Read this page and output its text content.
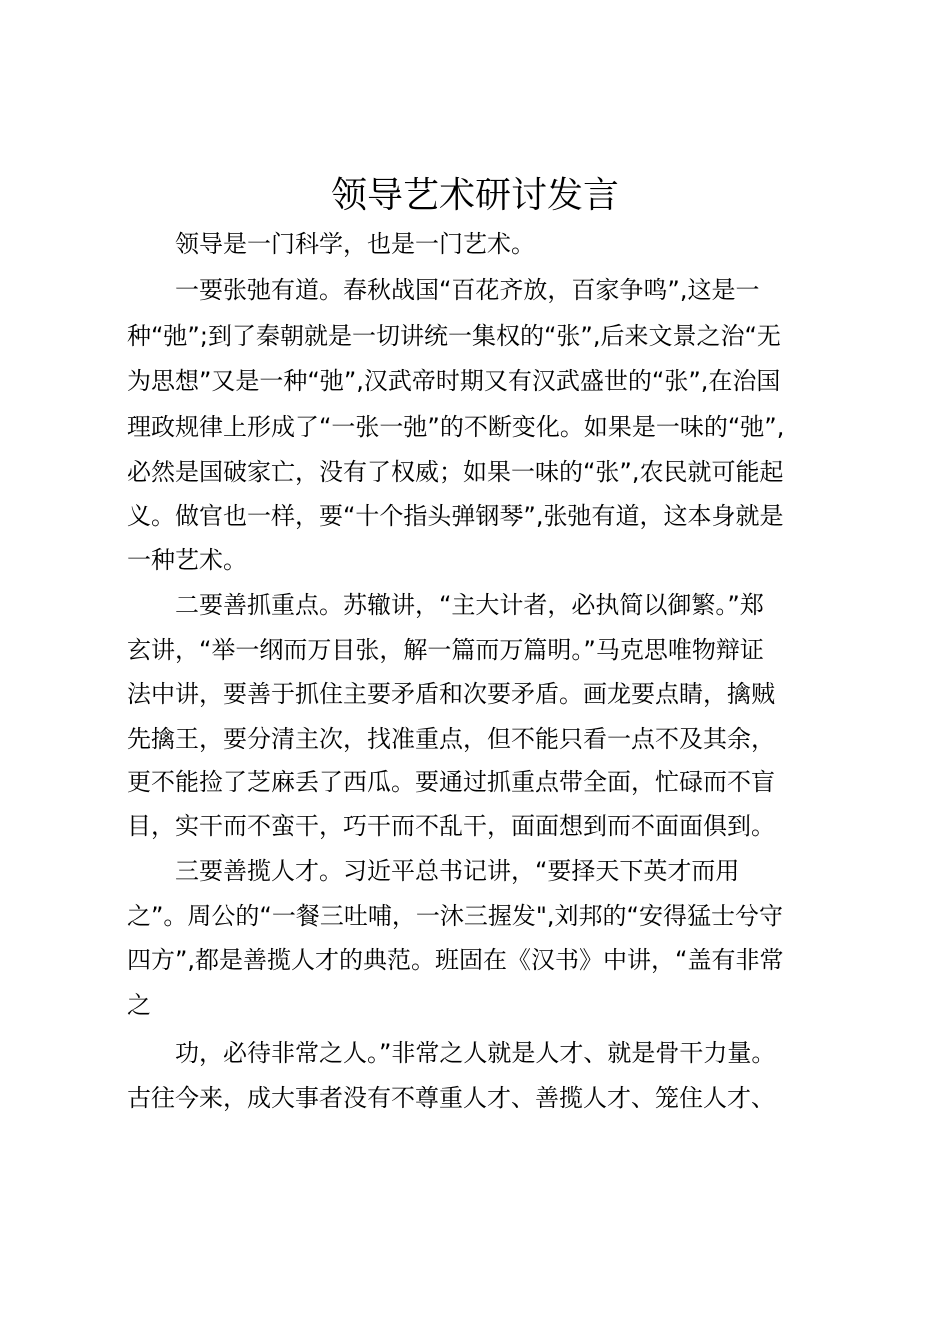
领导艺术研讨发言
　　领导是一门科学，也是一门艺术。
　　一要张弛有道。春秋战国“百花齐放，百家争鸣”,这是一
种“弛”;到了秦朝就是一切讲统一集权的“张”,后来文景之治“无
为思想”又是一种“弛”,汉武帝时期又有汉武盛世的“张”,在治国
理政规律上形成了“一张一弛”的不断变化。如果是一味的“弛”,
必然是国破家亡，没有了权威；如果一味的“张”,农民就可能起
义。做官也一样，要“十个指头弹钢琴”,张弛有道，这本身就是
一种艺术。
　　二要善抓重点。苏辙讲，“主大计者，必执简以御繁。”郑
玄讲，“举一纲而万目张，解一篇而万篇明。”马克思唯物辩证
法中讲，要善于抓住主要矛盾和次要矛盾。画龙要点睛，擒贼
先擒王，要分清主次，找准重点，但不能只看一点不及其余，
更不能捡了芝麻丢了西瓜。要通过抓重点带全面，忙碌而不盲
目，实干而不蛮干，巧干而不乱干，面面想到而不面面俱到。
　　三要善揽人才。习近平总书记讲，“要择天下英才而用
之”。周公的“一餐三吐哺，一沐三握发",刘邦的“安得猛士兮守
四方”,都是善揽人才的典范。班固在《汉书》中讲，“盖有非常
之
　　功，必待非常之人。”非常之人就是人才、就是骨干力量。
古往今来，成大事者没有不尊重人才、善揽人才、笼住人才、
